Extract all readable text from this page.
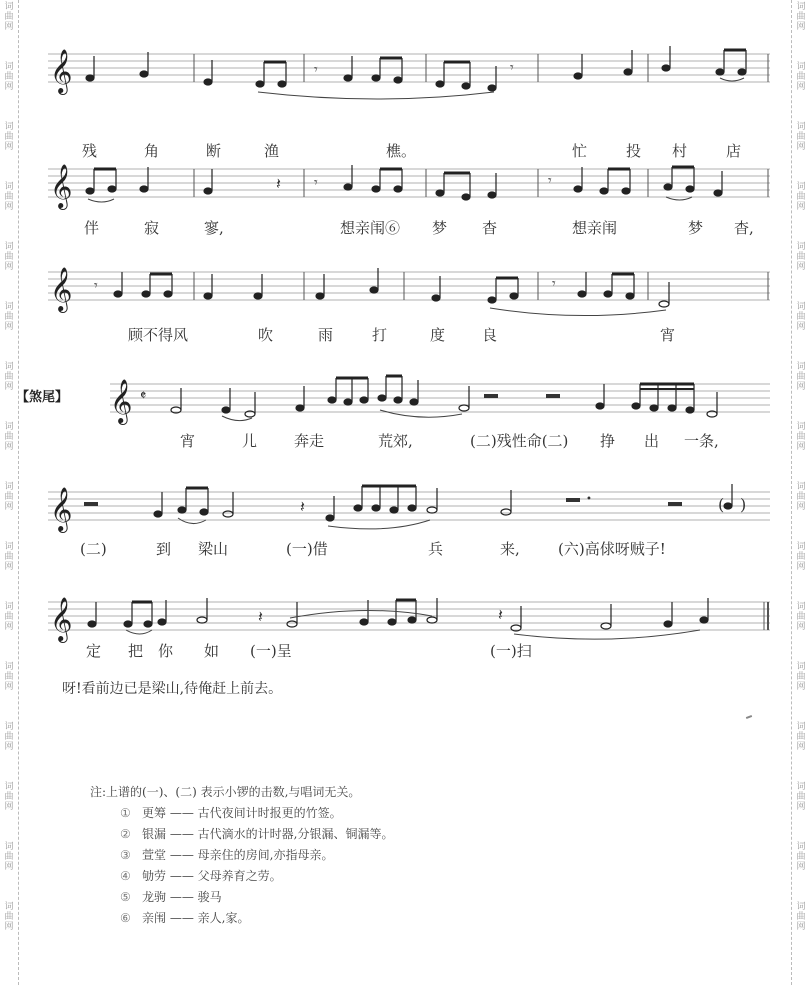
词
曲
网
词
曲
网
词
曲
网
词
曲
网
词
曲
网
词
曲
网
词
曲
网
词
曲
网
词
曲
网
词
曲
网
词
曲
网
词
曲
网
词
曲
网
词
曲
网
词
曲
网
词
曲
网
词
曲
网
词
曲
网
词
曲
网
词
曲
网
词
曲
网
词
曲
网
词
曲
网
词
曲
网
词
曲
网
词
曲
网
词
曲
网
词
曲
网
词
曲
网
词
曲
网
词
曲
网
词
曲
网
𝄞	𝄾	𝄾
残	角	断	渔	樵。	忙	投 村	店
𝄞	𝄽 𝄾	𝄾
伴	寂	寥,	想亲闱⑥ 梦 杳	想亲闱	梦 杳,
𝄞 𝄾	𝄾
顾不得风	吹	雨	打	度 良	宵
【煞尾】 𝄞 𝄵
宵	儿 奔走	荒郊,	(二)残性命(二) 挣 出 一条,
𝄞	𝄽	•	( )
(二)	到 梁山	(一)借	兵	来,	(六)高俅呀贼子!
𝄞	𝄽	𝄽
定 把 你 如 (一)呈	(一)扫
呀!看前边已是梁山,待俺赶上前去。
注:上谱的(一)、(二) 表示小锣的击数,与唱词无关。
① 更筹 —— 古代夜间计时报更的竹签。
② 银漏 —— 古代滴水的计时器,分银漏、铜漏等。
③ 萱堂 —— 母亲住的房间,亦指母亲。
④ 劬劳 —— 父母养育之劳。
⑤ 龙驹 —— 骏马
⑥ 亲闱 —— 亲人,家。
